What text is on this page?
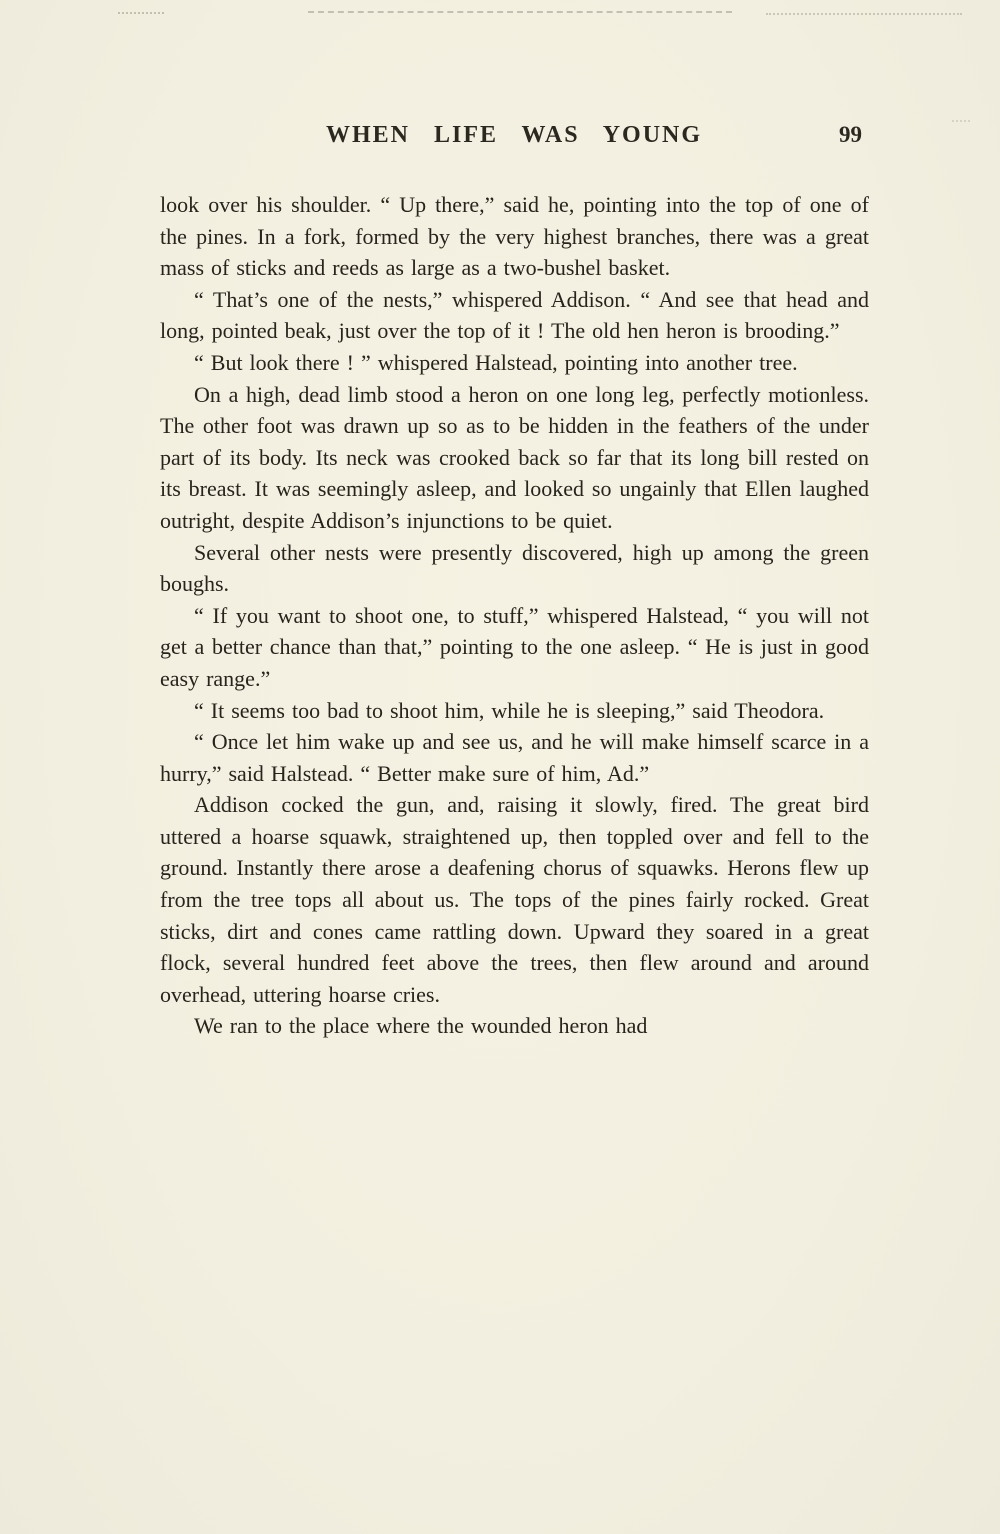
WHEN LIFE WAS YOUNG	99

look over his shoulder. “ Up there,” said he, pointing into the top of one of the pines. In a fork, formed by the very highest branches, there was a great mass of sticks and reeds as large as a two-bushel basket.

“ That’s one of the nests,” whispered Addison. “ And see that head and long, pointed beak, just over the top of it ! The old hen heron is brooding.”

“ But look there ! ” whispered Halstead, pointing into another tree.

On a high, dead limb stood a heron on one long leg, perfectly motionless. The other foot was drawn up so as to be hidden in the feathers of the under part of its body. Its neck was crooked back so far that its long bill rested on its breast. It was seemingly asleep, and looked so ungainly that Ellen laughed outright, despite Addison’s injunctions to be quiet.

Several other nests were presently discovered, high up among the green boughs.

“ If you want to shoot one, to stuff,” whispered Halstead, “ you will not get a better chance than that,” pointing to the one asleep. “ He is just in good easy range.”

“ It seems too bad to shoot him, while he is sleeping,” said Theodora.

“ Once let him wake up and see us, and he will make himself scarce in a hurry,” said Halstead. “ Better make sure of him, Ad.”

Addison cocked the gun, and, raising it slowly, fired. The great bird uttered a hoarse squawk, straightened up, then toppled over and fell to the ground. Instantly there arose a deafening chorus of squawks. Herons flew up from the tree tops all about us. The tops of the pines fairly rocked. Great sticks, dirt and cones came rattling down. Upward they soared in a great flock, several hundred feet above the trees, then flew around and around overhead, uttering hoarse cries.

We ran to the place where the wounded heron had
